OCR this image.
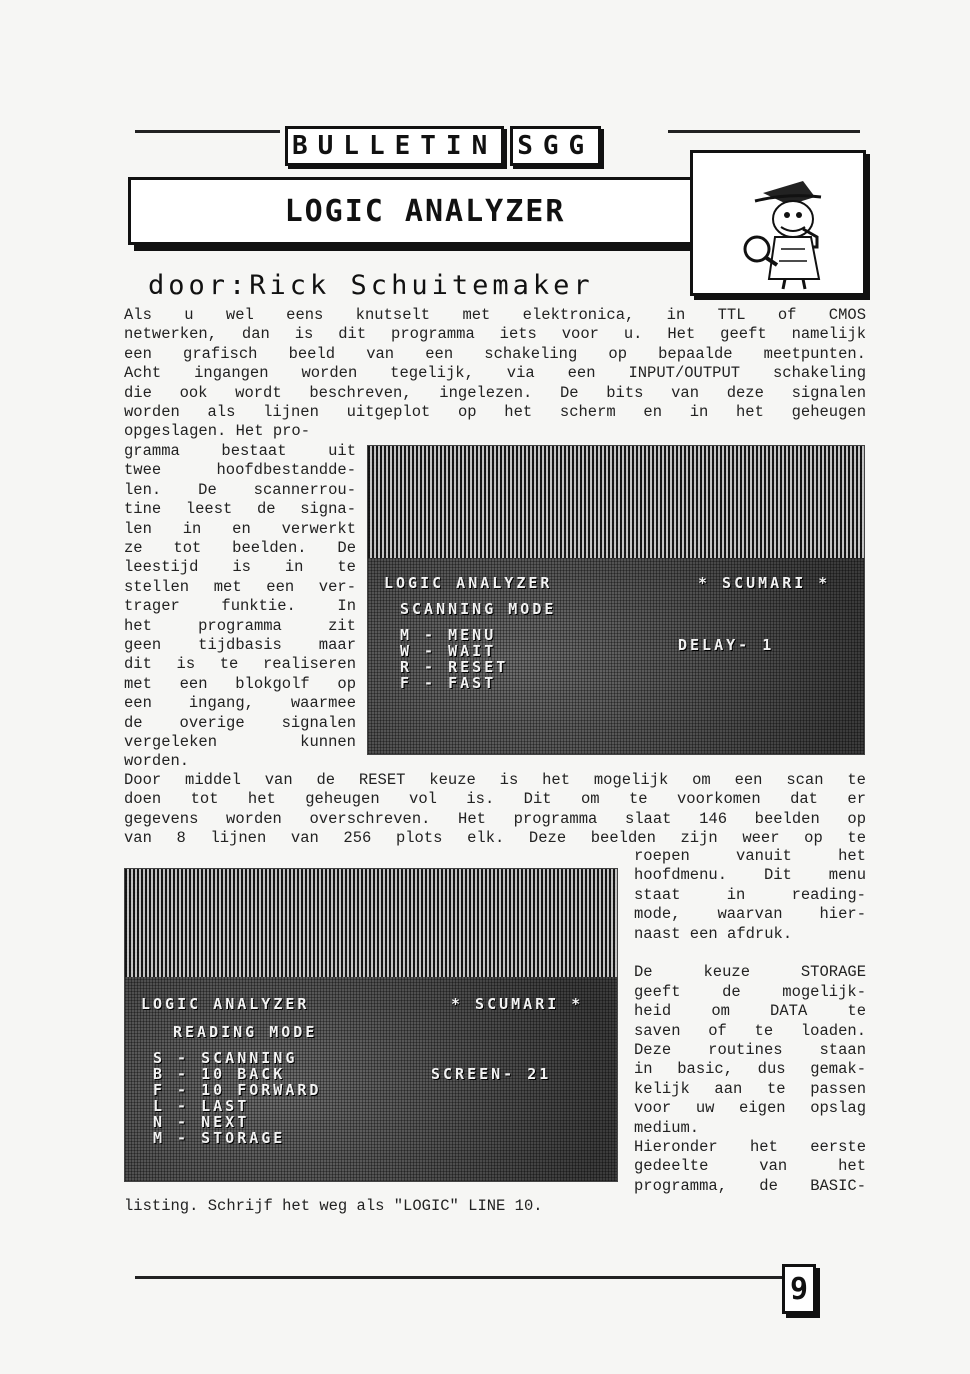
BULLETIN SGG
LOGIC ANALYZER
door:Rick Schuitemaker
Als u wel eens knutselt met elektronica, in TTL of CMOS
netwerken, dan is dit programma iets voor u. Het geeft namelijk
een grafisch beeld van een schakeling op bepaalde meetpunten.
Acht ingangen worden tegelijk, via een INPUT/OUTPUT schakeling
die ook wordt beschreven, ingelezen. De bits van deze signalen
worden als lijnen uitgeplot op het scherm en in het geheugen
opgeslagen. Het pro-
gramma bestaat uit
twee hoofdbestandde-
len. De scannerrou-
tine leest de signa-
len in en verwerkt
ze tot beelden. De
leestijd is in te
stellen met een ver-
trager funktie. In
het programma zit
geen tijdbasis maar
dit is te realiseren
met een blokgolf op
een ingang, waarmee
de overige signalen
vergeleken kunnen
worden.
LOGIC ANALYZER	* SCUMARI *
SCANNING MODE
M - MENU
W - WAIT
R - RESET
F - FAST
DELAY- 1
Door middel van de RESET keuze is het mogelijk om een scan te
doen tot het geheugen vol is. Dit om te voorkomen dat er
gegevens worden overschreven. Het programma slaat 146 beelden op
van 8 lijnen van 256 plots elk. Deze beelden zijn weer op te
LOGIC ANALYZER	* SCUMARI *
READING MODE
S - SCANNING
B - 10 BACK
F - 10 FORWARD
L - LAST
N - NEXT
M - STORAGE
SCREEN- 21
roepen vanuit het
hoofdmenu. Dit menu
staat in reading-
mode, waarvan hier-
naast een afdruk.
De keuze STORAGE
geeft de mogelijk-
heid om DATA te
saven of te loaden.
Deze routines staan
in basic, dus gemak-
kelijk aan te passen
voor uw eigen opslag
medium.
Hieronder het eerste
gedeelte van het
programma, de BASIC-
listing. Schrijf het weg als "LOGIC" LINE 10.
9
